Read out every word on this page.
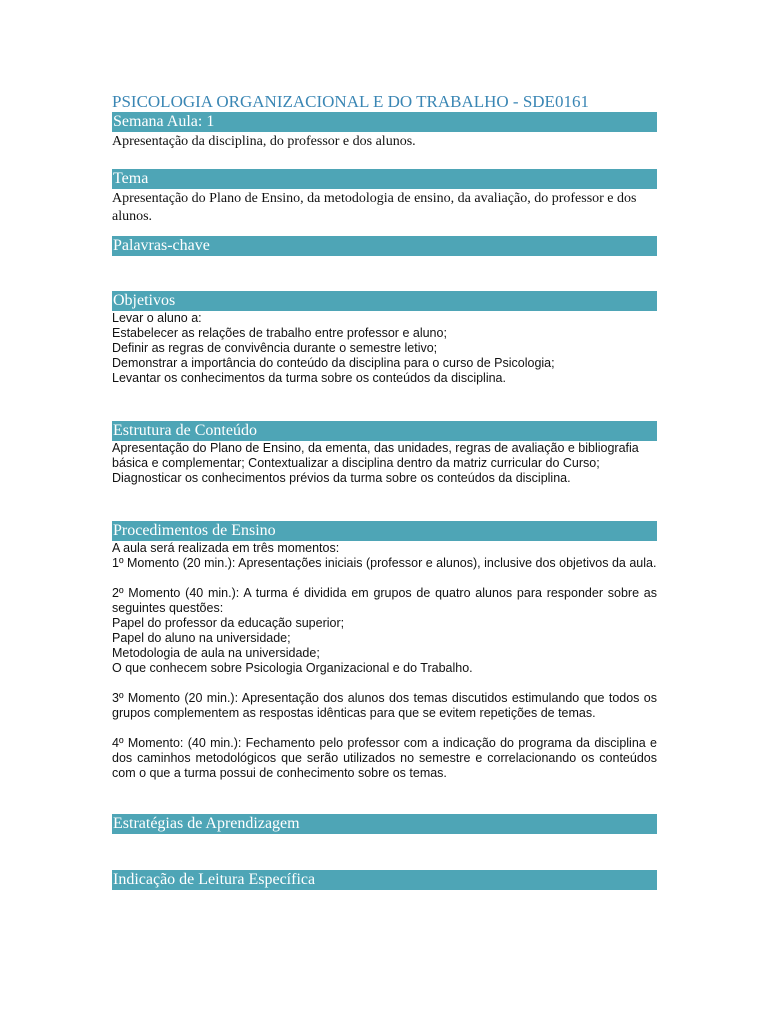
PSICOLOGIA ORGANIZACIONAL E DO TRABALHO - SDE0161
Semana Aula: 1
Apresentação da disciplina, do professor e dos alunos.
Tema
Apresentação do Plano de Ensino, da metodologia de ensino, da avaliação, do professor e dos alunos.
Palavras-chave
Objetivos
Levar o aluno a:
Estabelecer as relações de trabalho entre professor e aluno;
Definir as regras de convivência durante o semestre letivo;
Demonstrar a importância do conteúdo da disciplina para o curso de Psicologia;
Levantar os conhecimentos da turma sobre os conteúdos da disciplina.
Estrutura de Conteúdo
Apresentação do Plano de Ensino, da ementa, das unidades, regras de avaliação e bibliografia básica e complementar; Contextualizar a disciplina dentro da matriz curricular do Curso; Diagnosticar os conhecimentos prévios da turma sobre os conteúdos da disciplina.
Procedimentos de Ensino

A aula será realizada em três momentos:

1º Momento (20 min.): Apresentações iniciais (professor e alunos), inclusive dos objetivos da aula.

2º Momento (40 min.): A turma é dividida em grupos de quatro alunos para responder sobre as seguintes questões:

Papel do professor da educação superior;
Papel do aluno na universidade;
Metodologia de aula na universidade;
O que conhecem sobre Psicologia Organizacional e do Trabalho.

3º Momento (20 min.): Apresentação dos alunos dos temas discutidos estimulando que todos os grupos complementem as respostas idênticas para que se evitem repetições de temas.

4º Momento: (40 min.): Fechamento pelo professor com a indicação do programa da disciplina e dos caminhos metodológicos que serão utilizados no semestre e correlacionando os conteúdos com o que a turma possui de conhecimento sobre os temas.

Estratégias de Aprendizagem
Indicação de Leitura Específica
